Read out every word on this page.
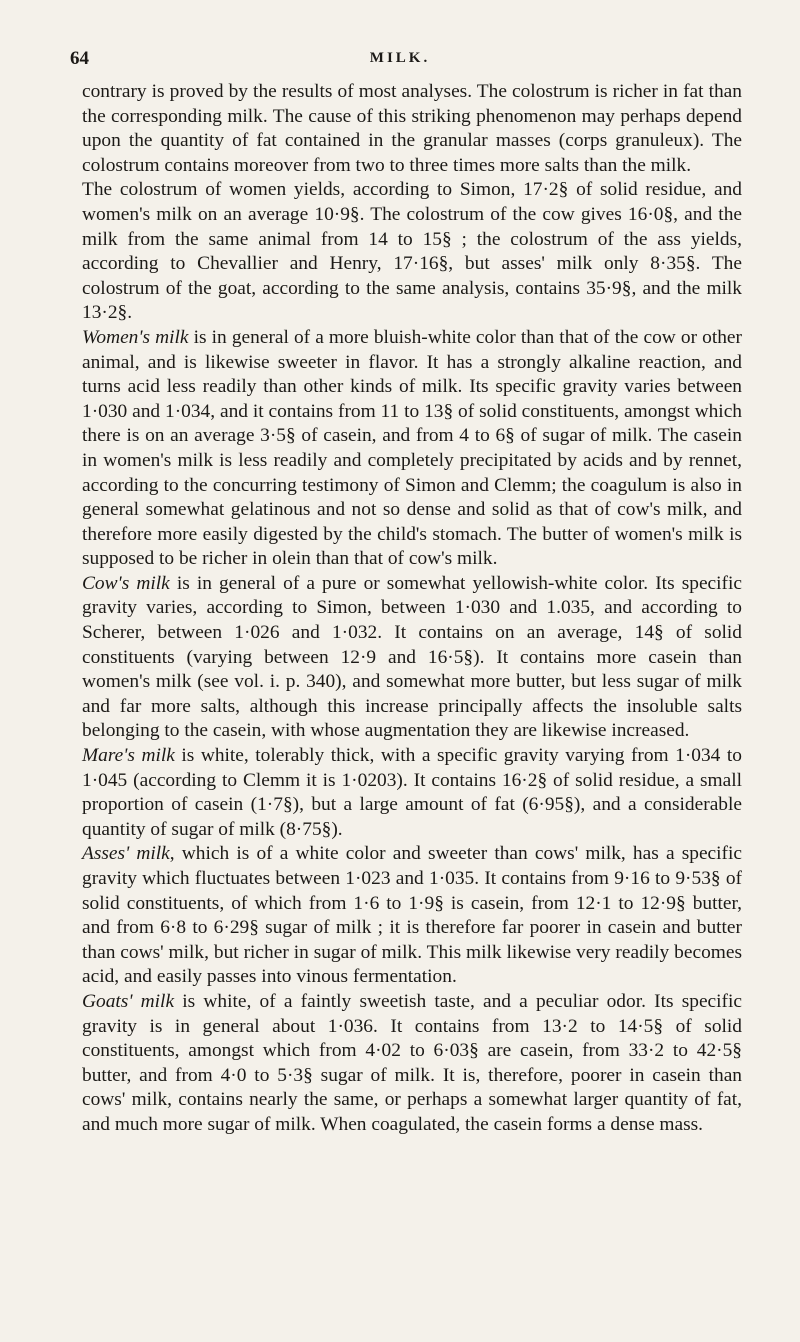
64	MILK.

contrary is proved by the results of most analyses. The colostrum is richer in fat than the corresponding milk. The cause of this striking phenomenon may perhaps depend upon the quantity of fat contained in the granular masses (corps granuleux). The colostrum contains moreover from two to three times more salts than the milk.

The colostrum of women yields, according to Simon, 17·2§ of solid residue, and women's milk on an average 10·9§. The colostrum of the cow gives 16·0§, and the milk from the same animal from 14 to 15§ ; the colostrum of the ass yields, according to Chevallier and Henry, 17·16§, but asses' milk only 8·35§. The colostrum of the goat, according to the same analysis, contains 35·9§, and the milk 13·2§.

Women's milk is in general of a more bluish-white color than that of the cow or other animal, and is likewise sweeter in flavor. It has a strongly alkaline reaction, and turns acid less readily than other kinds of milk. Its specific gravity varies between 1·030 and 1·034, and it contains from 11 to 13§ of solid constituents, amongst which there is on an average 3·5§ of casein, and from 4 to 6§ of sugar of milk. The casein in women's milk is less readily and completely precipitated by acids and by rennet, according to the concurring testimony of Simon and Clemm; the coagulum is also in general somewhat gelatinous and not so dense and solid as that of cow's milk, and therefore more easily digested by the child's stomach. The butter of women's milk is supposed to be richer in olein than that of cow's milk.

Cow's milk is in general of a pure or somewhat yellowish-white color. Its specific gravity varies, according to Simon, between 1·030 and 1.035, and according to Scherer, between 1·026 and 1·032. It contains on an average, 14§ of solid constituents (varying between 12·9 and 16·5§). It contains more casein than women's milk (see vol. i. p. 340), and somewhat more butter, but less sugar of milk and far more salts, although this increase principally affects the insoluble salts belonging to the casein, with whose augmentation they are likewise increased.

Mare's milk is white, tolerably thick, with a specific gravity varying from 1·034 to 1·045 (according to Clemm it is 1·0203). It contains 16·2§ of solid residue, a small proportion of casein (1·7§), but a large amount of fat (6·95§), and a considerable quantity of sugar of milk (8·75§).

Asses' milk, which is of a white color and sweeter than cows' milk, has a specific gravity which fluctuates between 1·023 and 1·035. It contains from 9·16 to 9·53§ of solid constituents, of which from 1·6 to 1·9§ is casein, from 12·1 to 12·9§ butter, and from 6·8 to 6·29§ sugar of milk ; it is therefore far poorer in casein and butter than cows' milk, but richer in sugar of milk. This milk likewise very readily becomes acid, and easily passes into vinous fermentation.

Goats' milk is white, of a faintly sweetish taste, and a peculiar odor. Its specific gravity is in general about 1·036. It contains from 13·2 to 14·5§ of solid constituents, amongst which from 4·02 to 6·03§ are casein, from 33·2 to 42·5§ butter, and from 4·0 to 5·3§ sugar of milk. It is, therefore, poorer in casein than cows' milk, contains nearly the same, or perhaps a somewhat larger quantity of fat, and much more sugar of milk. When coagulated, the casein forms a dense mass.
